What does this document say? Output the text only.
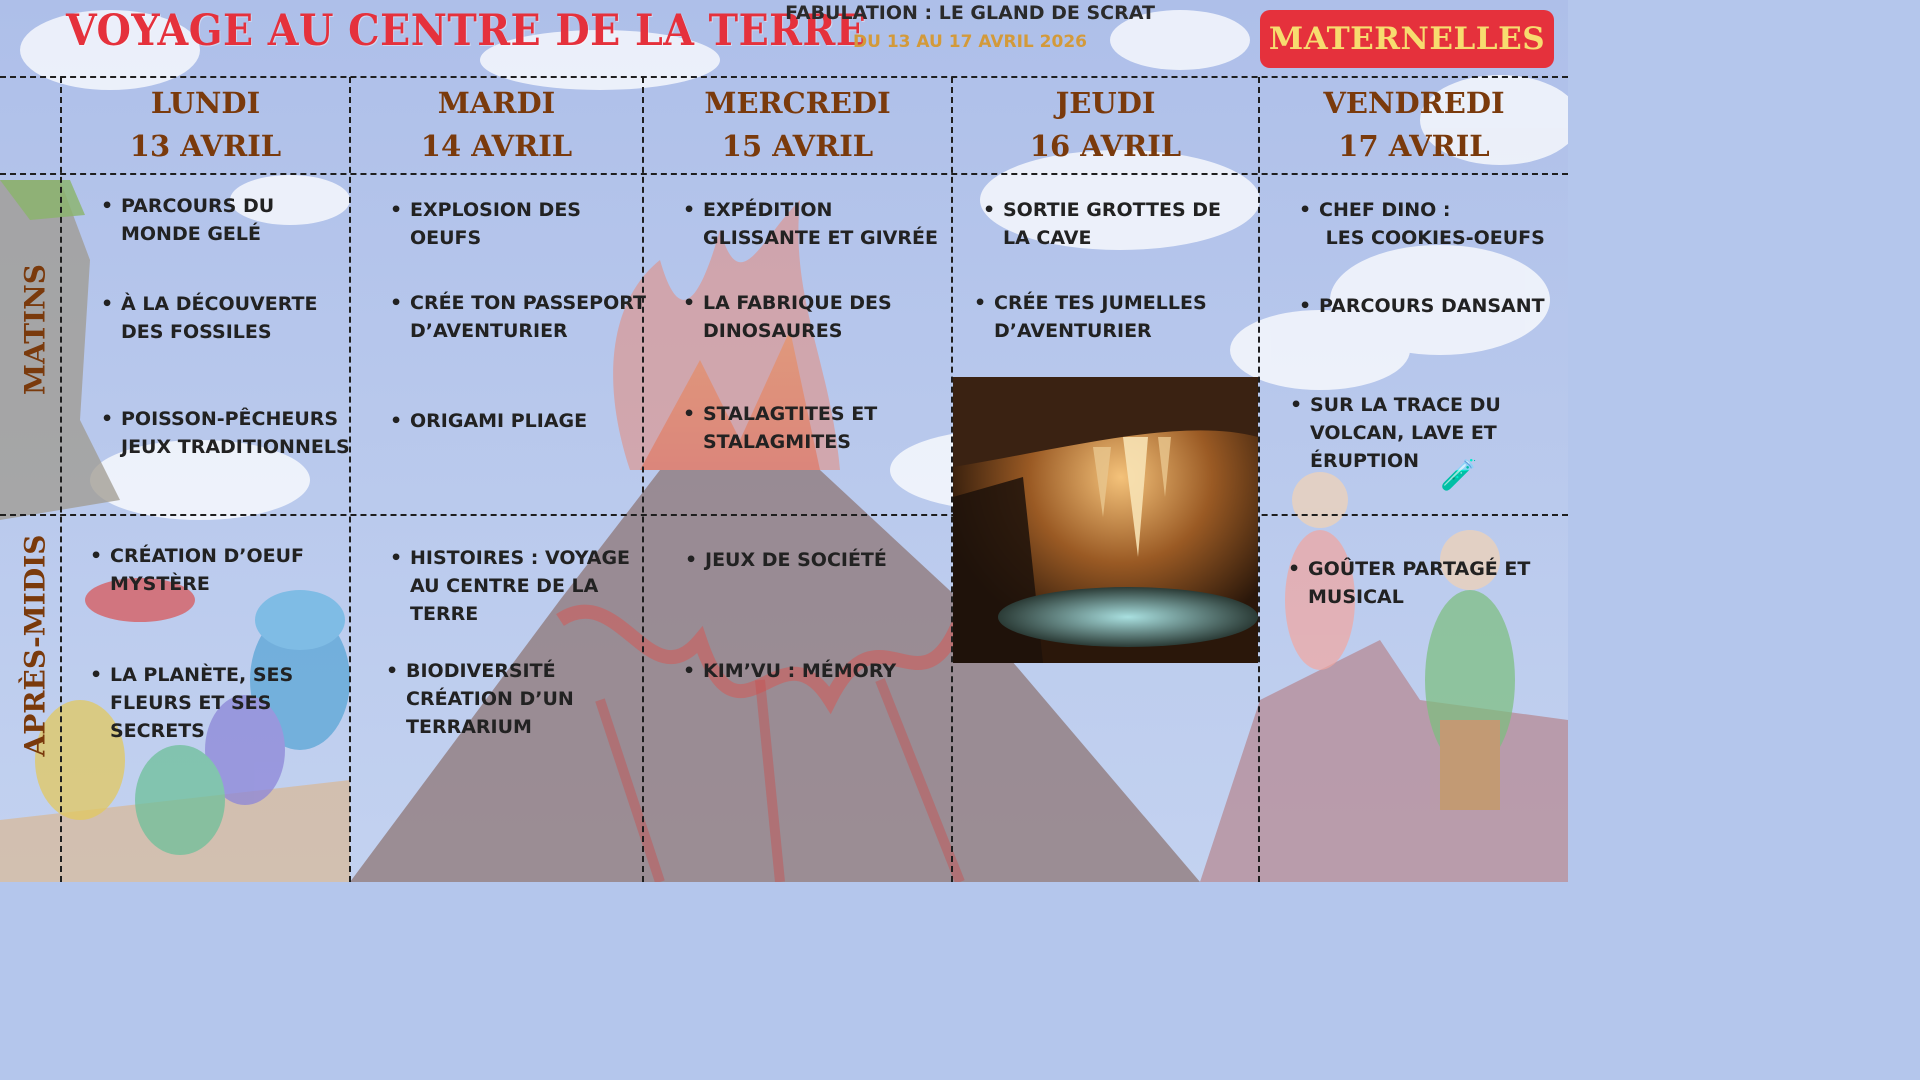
VOYAGE AU CENTRE DE LA TERRE
FABULATION : LE GLAND DE SCRAT
DU 13 AU 17 AVRIL 2026	MATERNELLES
MATINS
APRÈS-MIDIS
LUNDI
13 AVRIL
MARDI
14 AVRIL
MERCREDI
15 AVRIL
JEUDI
16 AVRIL
VENDREDI
17 AVRIL
• PARCOURS DU
MONDE GELÉ
• À LA DÉCOUVERTE
DES FOSSILES
• POISSON-PÊCHEURS
JEUX TRADITIONNELS
• CRÉATION D’OEUF
MYSTÈRE
• LA PLANÈTE, SES
FLEURS ET SES
SECRETS
• EXPLOSION DES
OEUFS
• CRÉE TON PASSEPORT
D’AVENTURIER
• ORIGAMI PLIAGE
• HISTOIRES : VOYAGE
AU CENTRE DE LA
TERRE
• BIODIVERSITÉ
CRÉATION D’UN
TERRARIUM
• EXPÉDITION
GLISSANTE ET GIVRÉE
• LA FABRIQUE DES
DINOSAURES
• STALAGTITES ET
STALAGMITES
• JEUX DE SOCIÉTÉ
• KIM’VU : MÉMORY
• SORTIE GROTTES DE
LA CAVE
• CRÉE TES JUMELLES
D’AVENTURIER
• CHEF DINO :
LES COOKIES-OEUFS
• PARCOURS DANSANT
• SUR LA TRACE DU
VOLCAN, LAVE ET
ÉRUPTION 🧪
• GOÛTER PARTAGÉ ET
MUSICAL
